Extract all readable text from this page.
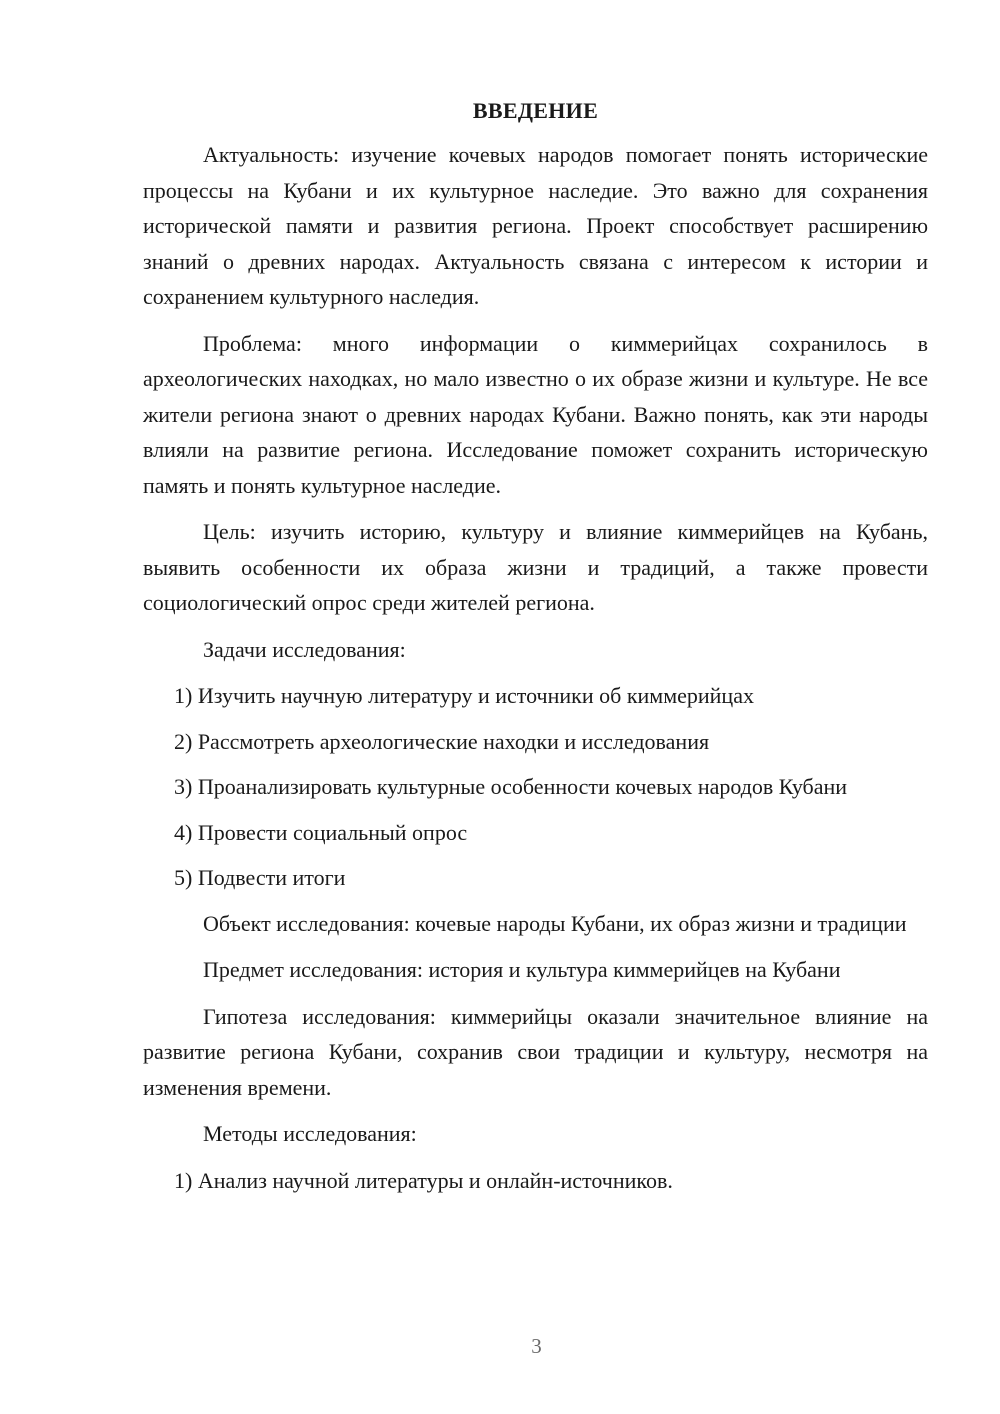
ВВЕДЕНИЕ

Актуальность: изучение кочевых народов помогает понять исторические процессы на Кубани и их культурное наследие. Это важно для сохранения исторической памяти и развития региона. Проект способствует расширению знаний о древних народах. Актуальность связана с интересом к истории и сохранением культурного наследия.

Проблема: много информации о киммерийцах сохранилось в археологических находках, но мало известно о их образе жизни и культуре. Не все жители региона знают о древних народах Кубани. Важно понять, как эти народы влияли на развитие региона. Исследование поможет сохранить историческую память и понять культурное наследие.

Цель: изучить историю, культуру и влияние киммерийцев на Кубань, выявить особенности их образа жизни и традиций, а также провести социологический опрос среди жителей региона.

Задачи исследования:

1) Изучить научную литературу и источники об киммерийцах

2) Рассмотреть археологические находки и исследования

3) Проанализировать культурные особенности кочевых народов Кубани

4) Провести социальный опрос

5) Подвести итоги

Объект исследования: кочевые народы Кубани, их образ жизни и традиции

Предмет исследования: история и культура киммерийцев на Кубани

Гипотеза исследования: киммерийцы оказали значительное влияние на развитие региона Кубани, сохранив свои традиции и культуру, несмотря на изменения времени.

Методы исследования:

1) Анализ научной литературы и онлайн-источников.

3
